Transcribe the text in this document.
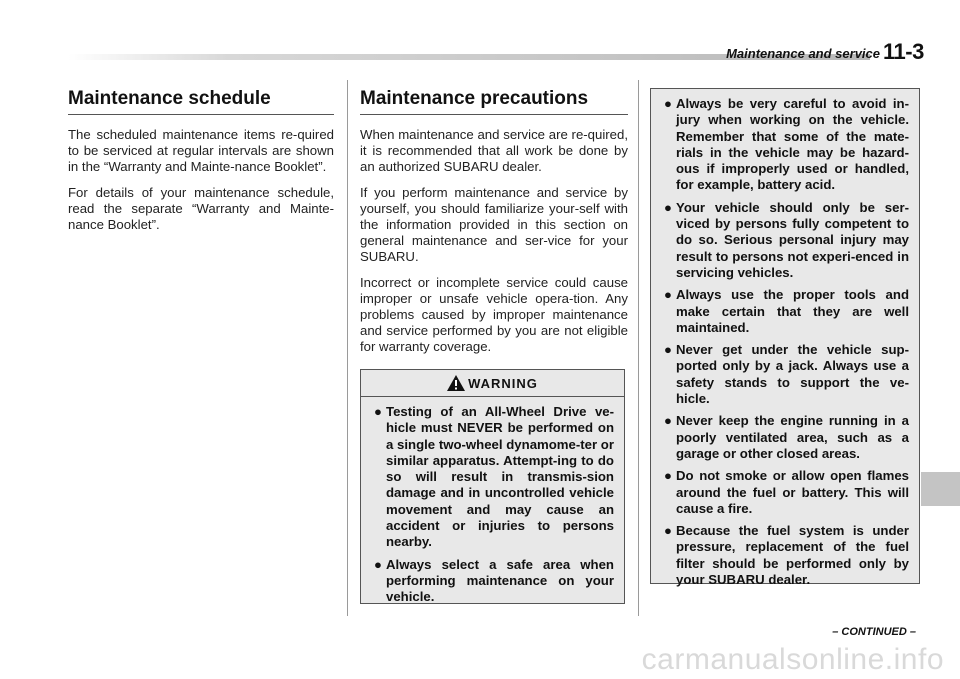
Maintenance and service 11-3
Maintenance schedule

The scheduled maintenance items re-quired to be serviced at regular intervals are shown in the “Warranty and Mainte-nance Booklet”.

For details of your maintenance schedule, read the separate “Warranty and Mainte-nance Booklet”.

Maintenance precautions

When maintenance and service are re-quired, it is recommended that all work be done by an authorized SUBARU dealer.

If you perform maintenance and service by yourself, you should familiarize your-self with the information provided in this section on general maintenance and ser-vice for your SUBARU.

Incorrect or incomplete service could cause improper or unsafe vehicle opera-tion. Any problems caused by improper maintenance and service performed by you are not eligible for warranty coverage.

WARNING
● Testing of an All-Wheel Drive ve-hicle must NEVER be performed on a single two-wheel dynamome-ter or similar apparatus. Attempt-ing to do so will result in transmis-sion damage and in uncontrolled vehicle movement and may cause an accident or injuries to persons nearby.
● Always select a safe area when performing maintenance on your vehicle.
● Always be very careful to avoid in-jury when working on the vehicle. Remember that some of the mate-rials in the vehicle may be hazard-ous if improperly used or handled, for example, battery acid.
● Your vehicle should only be ser-viced by persons fully competent to do so. Serious personal injury may result to persons not experi-enced in servicing vehicles.
● Always use the proper tools and make certain that they are well maintained.
● Never get under the vehicle sup-ported only by a jack. Always use a safety stands to support the ve-hicle.
● Never keep the engine running in a poorly ventilated area, such as a garage or other closed areas.
● Do not smoke or allow open flames around the fuel or battery. This will cause a fire.
● Because the fuel system is under pressure, replacement of the fuel filter should be performed only by your SUBARU dealer.
– CONTINUED –
carmanualsonline.info
